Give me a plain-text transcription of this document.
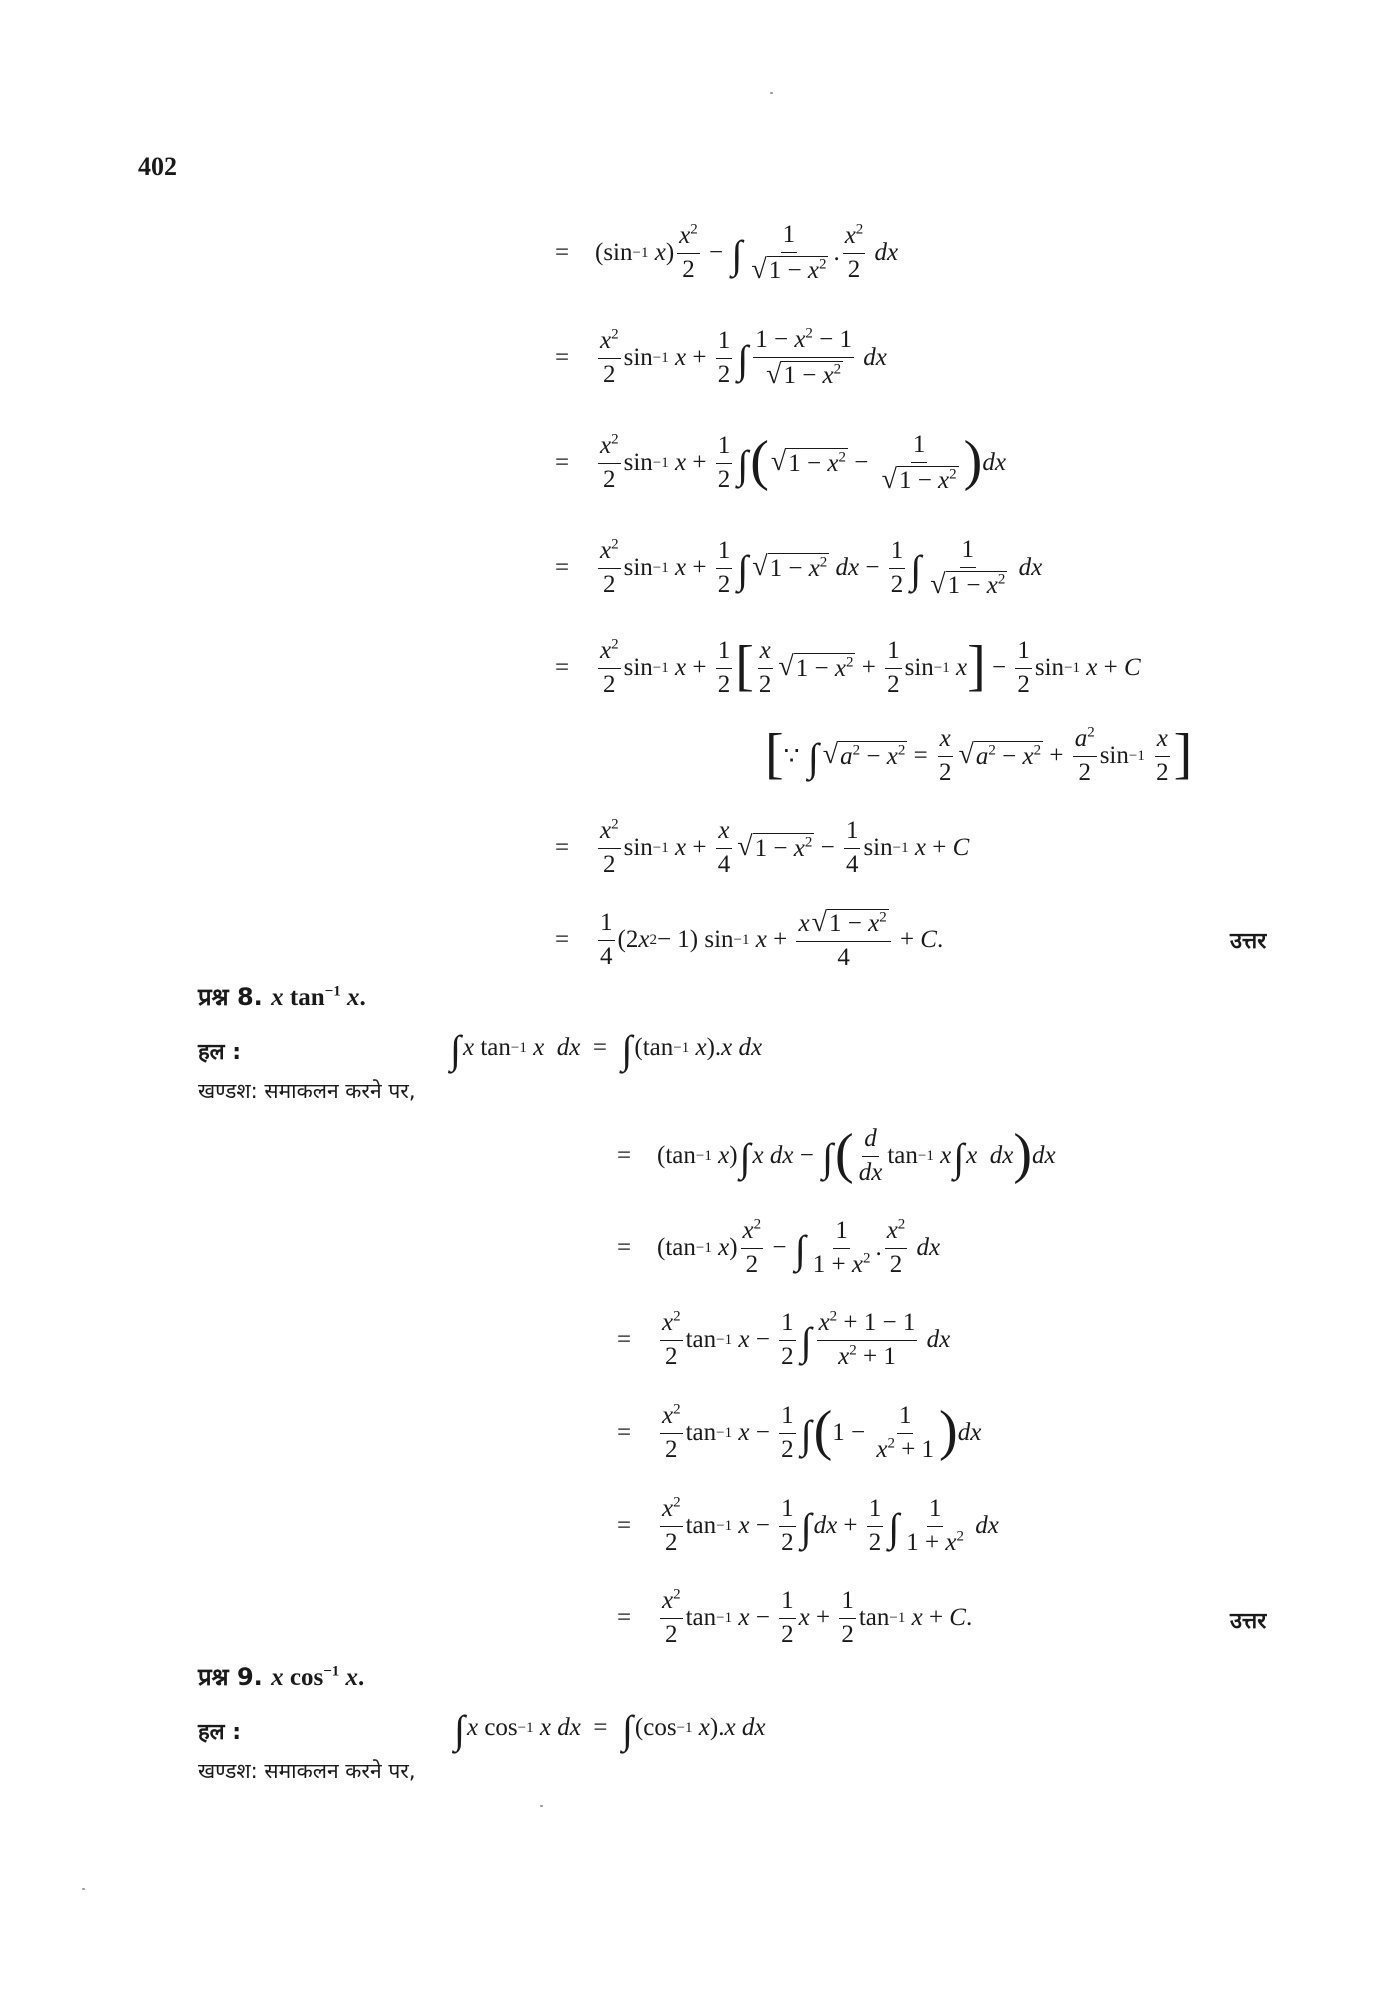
402
=	(sin −1
x ) $\frac{x^2}{2}$ − ∫ $\frac{1}{√ 1 - x^2}$ . $\frac{x^2}{2}$
dx
=	$\frac{x^2}{2}$ sin −1
$x + \frac{1}{2}$ ∫ $\frac{1 - x^2 - 1}{√ 1 - x^2}$
dx
=	$\frac{x^2}{2}$ sin −1
$x + \frac{1}{2}$ ∫ ( √ $1 - x^2 - \frac{1}{√ 1 - x^2}$ ) dx
=	$\frac{x^2}{2}$ sin −1
$x + \frac{1}{2}$ ∫ √ $1 - x^2$
dx − $\frac{1}{2}$ ∫ $\frac{1}{√ 1 - x^2}$
dx
=	$\frac{x^2}{2}$ sin −1
$x + \frac{1}{2}$ [ $\frac{x}{2}$ √ $1 - x^2 + \frac{1}{2}$ sin −1
x ] − $\frac{1}{2}$ sin −1
x + C
[ ∵ ∫ √ $a^2 - x^2 = \frac{x}{2}$ √ $a^2 - x^2 + \frac{a^2}{2}$ sin −1
$\frac{x}{2}$ ]
=	$\frac{x^2}{2}$ sin −1
$x + \frac{x}{4}$ √ $1 - x^2 - \frac{1}{4}$ sin −1
x + C
=	$\frac{1}{4} (2$ x 2 − 1) sin −1
$x + \frac{x √ 1 - x^2}{4} + C$ .	उत्तर
प्रश्न 8. x $\tan^{-1} x$.
हल :	∫ x tan −1
x
dx = ∫ (tan −1
x ). x
dx
खण्डश: समाकलन करने पर,
=	(tan −1
x ) ∫ x
dx − ∫ ( $\frac{d}{dx}$ tan −1
x ∫ x
dx ) dx
=	(tan −1
x ) $\frac{x^2}{2}$ − ∫ $\frac{1}{1 + x^2}$ . $\frac{x^2}{2}$
dx
=	$\frac{x^2}{2}$ tan −1
$x - \frac{1}{2}$ ∫ $\frac{x^2 + 1 - 1}{x^2 + 1}$
dx
=	$\frac{x^2}{2}$ tan −1
$x - \frac{1}{2}$ ∫ ( $1 - \frac{1}{x^2 + 1}$ ) dx
=	$\frac{x^2}{2}$ tan −1
$x - \frac{1}{2}$ ∫ dx + $\frac{1}{2}$ ∫ $\frac{1}{1 + x^2}$
dx
=	$\frac{x^2}{2}$ tan −1
$x - \frac{1}{2}$ $x + \frac{1}{2}$ tan −1
x + C .	उत्तर
प्रश्न 9. x $\cos^{-1} x$.
हल :	∫ x cos −1
x
dx = ∫ (cos −1
x ). x
dx
खण्डश: समाकलन करने पर,
